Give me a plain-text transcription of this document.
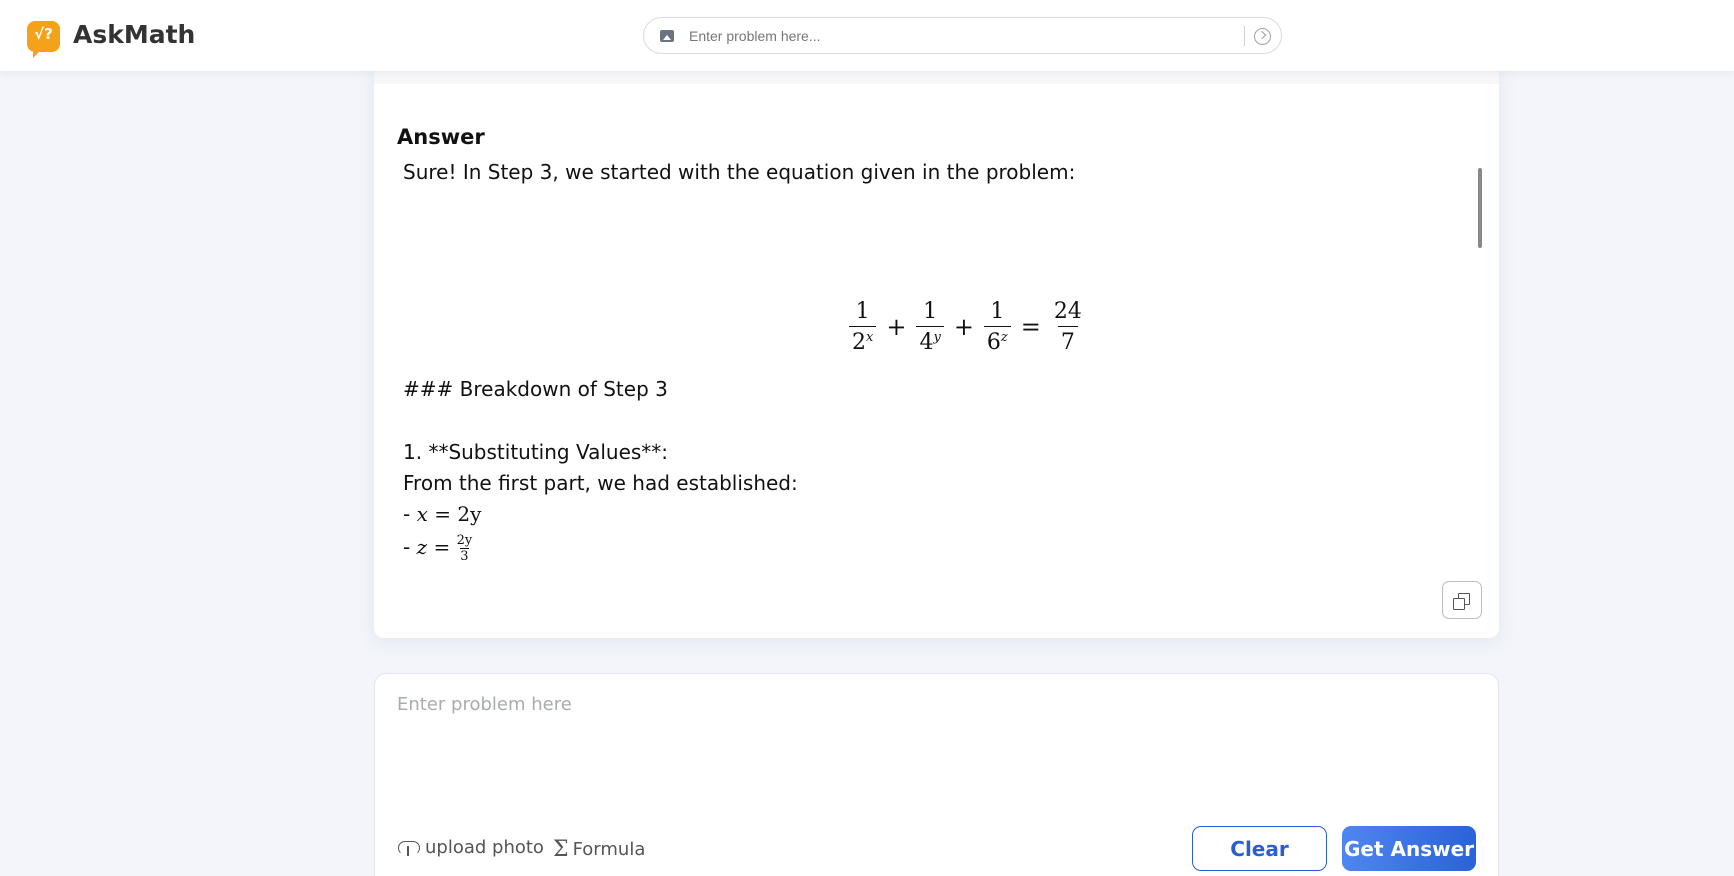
√? AskMath
Enter problem here...
Answer
Sure! In Step 3, we started with the equation given in the problem:
$\frac{1}{2^x} + \frac{1}{4^y} + \frac{1}{6^z} = \frac{24}{7}$
### Breakdown of Step 3
1. **Substituting Values**:
From the first part, we had established:
- x = 2y
- $z = \frac{2y}{3}$
Enter problem here
upload photo Σ Formula	Clear	Get Answer
